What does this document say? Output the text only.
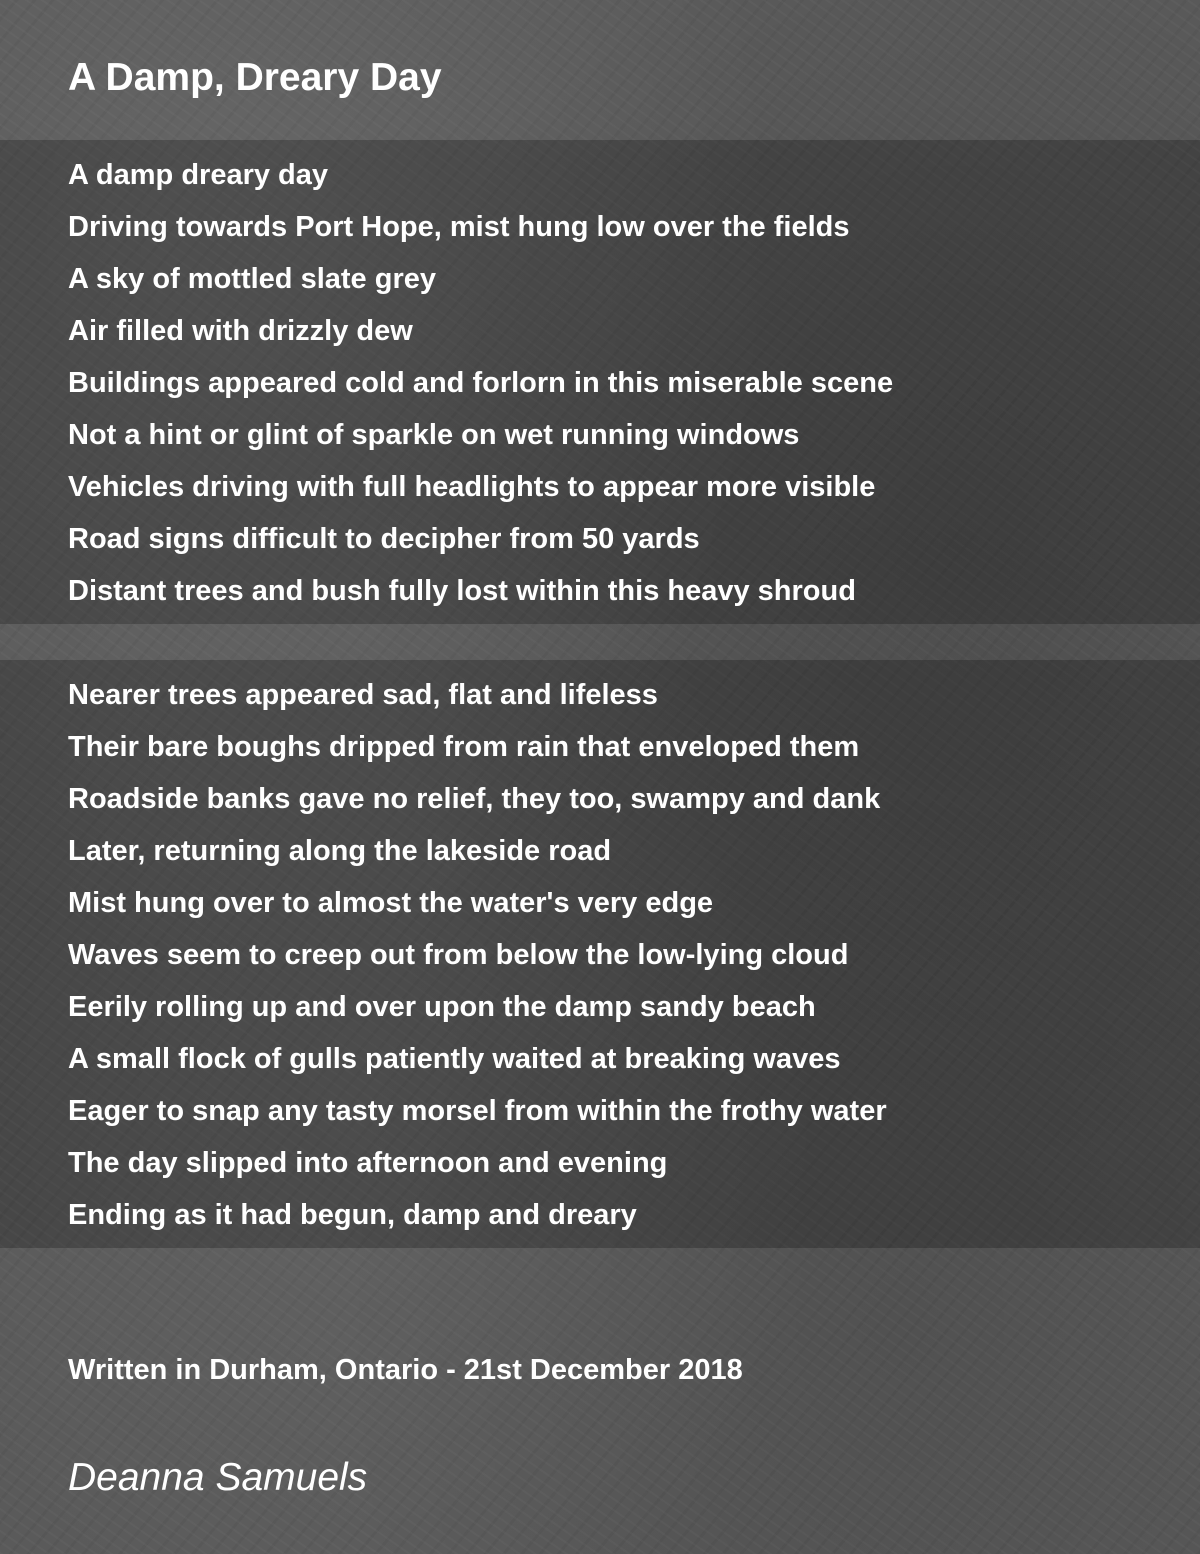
A Damp, Dreary Day
A damp dreary day
Driving towards Port Hope, mist hung low over the fields
A sky of mottled slate grey
Air filled with drizzly dew
Buildings appeared cold and forlorn in this miserable scene
Not a hint or glint of sparkle on wet running windows
Vehicles driving with full headlights to appear more visible
Road signs difficult to decipher from 50 yards
Distant trees and bush fully lost within this heavy shroud
Nearer trees appeared sad, flat and lifeless
Their bare boughs dripped from rain that enveloped them
Roadside banks gave no relief, they too, swampy and dank
Later, returning along the lakeside road
Mist hung over to almost the water's very edge
Waves seem to creep out from below the low-lying cloud
Eerily rolling up and over upon the damp sandy beach
A small flock of gulls patiently waited at breaking waves
Eager to snap any tasty morsel from within the frothy water
The day slipped into afternoon and evening
Ending as it had begun, damp and dreary

Written in Durham, Ontario - 21st December 2018

Deanna Samuels
